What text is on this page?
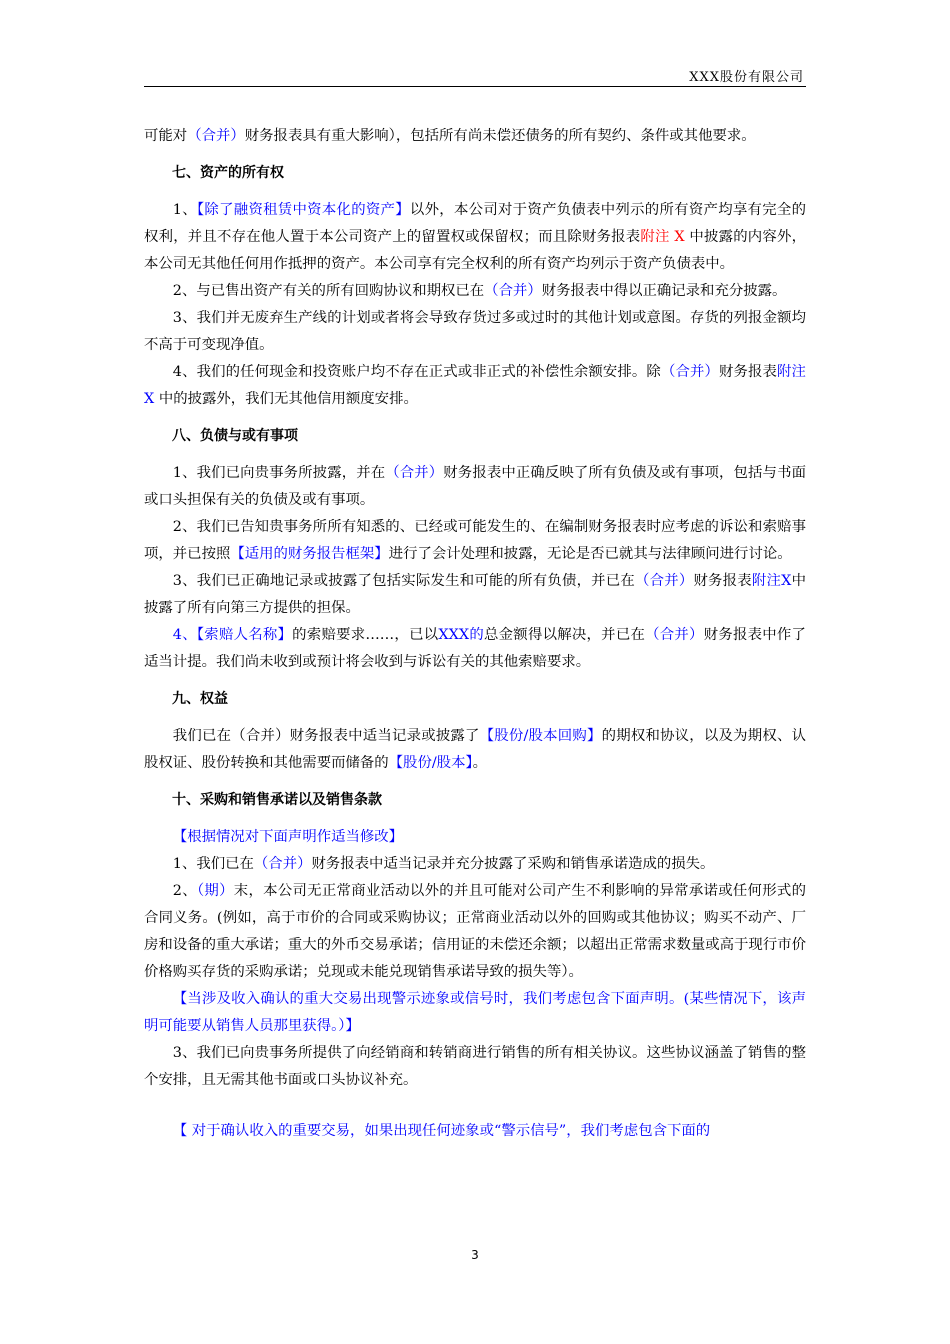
XXX股份有限公司

可能对（合并）财务报表具有重大影响），包括所有尚未偿还债务的所有契约、条件或其他要求。

七、资产的所有权

1、【除了融资租赁中资本化的资产】以外，本公司对于资产负债表中列示的所有资产均享有完全的权利，并且不存在他人置于本公司资产上的留置权或保留权；而且除财务报表附注 X 中披露的内容外，本公司无其他任何用作抵押的资产。本公司享有完全权利的所有资产均列示于资产负债表中。

2、与已售出资产有关的所有回购协议和期权已在（合并）财务报表中得以正确记录和充分披露。

3、我们并无废弃生产线的计划或者将会导致存货过多或过时的其他计划或意图。存货的列报金额均不高于可变现净值。

4、我们的任何现金和投资账户均不存在正式或非正式的补偿性余额安排。除（合并）财务报表附注 X 中的披露外，我们无其他信用额度安排。

八、负债与或有事项

1、我们已向贵事务所披露，并在（合并）财务报表中正确反映了所有负债及或有事项，包括与书面或口头担保有关的负债及或有事项。

2、我们已告知贵事务所所有知悉的、已经或可能发生的、在编制财务报表时应考虑的诉讼和索赔事项，并已按照【适用的财务报告框架】进行了会计处理和披露，无论是否已就其与法律顾问进行讨论。

3、我们已正确地记录或披露了包括实际发生和可能的所有负债，并已在（合并）财务报表附注X中披露了所有向第三方提供的担保。

4、【索赔人名称】的索赔要求……，已以XXX的总金额得以解决，并已在（合并）财务报表中作了适当计提。我们尚未收到或预计将会收到与诉讼有关的其他索赔要求。

九、权益

我们已在（合并）财务报表中适当记录或披露了【股份/股本回购】的期权和协议，以及为期权、认股权证、股份转换和其他需要而储备的【股份/股本】。

十、采购和销售承诺以及销售条款

【根据情况对下面声明作适当修改】

1、我们已在（合并）财务报表中适当记录并充分披露了采购和销售承诺造成的损失。

2、（期）末，本公司无正常商业活动以外的并且可能对公司产生不利影响的异常承诺或任何形式的合同义务。(例如，高于市价的合同或采购协议；正常商业活动以外的回购或其他协议；购买不动产、厂房和设备的重大承诺；重大的外币交易承诺；信用证的未偿还余额；以超出正常需求数量或高于现行市价价格购买存货的采购承诺；兑现或未能兑现销售承诺导致的损失等）。

【当涉及收入确认的重大交易出现警示迹象或信号时，我们考虑包含下面声明。(某些情况下，该声明可能要从销售人员那里获得。）】

3、我们已向贵事务所提供了向经销商和转销商进行销售的所有相关协议。这些协议涵盖了销售的整个安排，且无需其他书面或口头协议补充。

【 对于确认收入的重要交易，如果出现任何迹象或“警示信号”，我们考虑包含下面的

3
